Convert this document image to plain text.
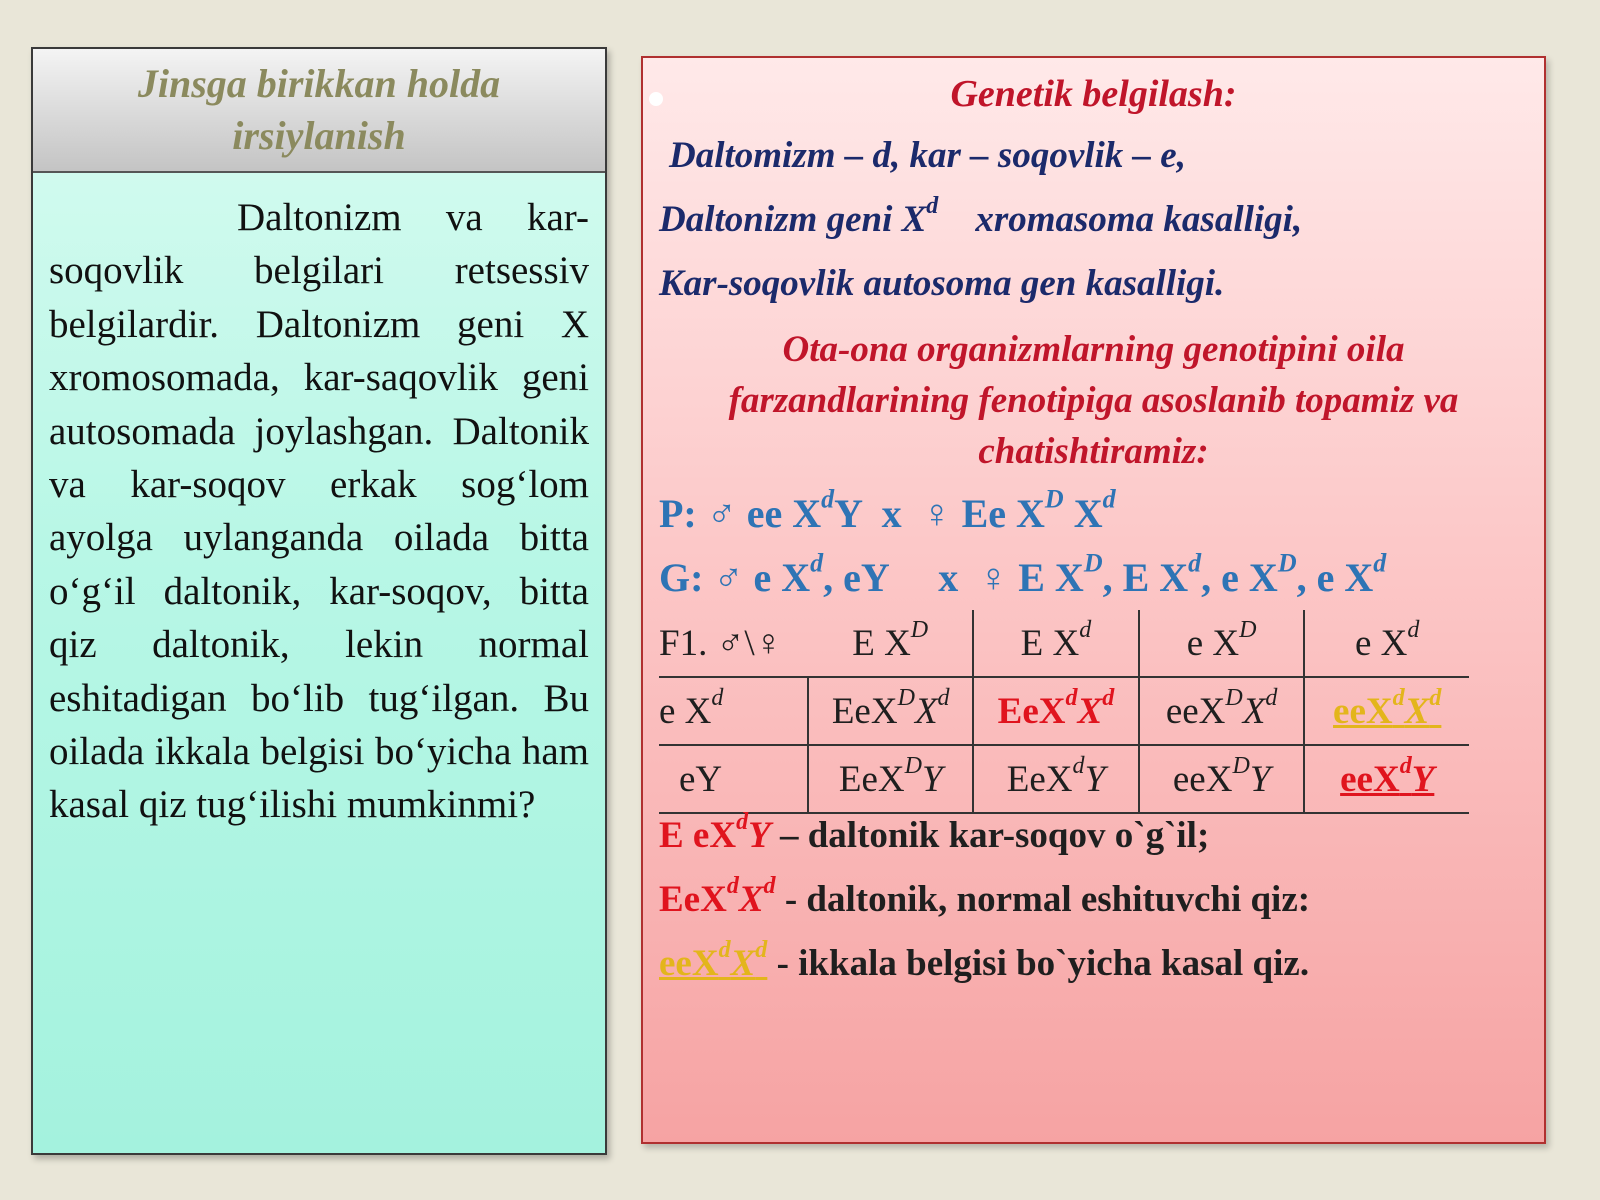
Jinsga birikkan holda irsiylanish
Daltonizm va kar-soqovlik belgilari retsessiv belgilardir. Daltonizm geni X xromosomada, kar-saqovlik geni autosomada joylashgan. Daltonik va kar-soqov erkak sog‘lom ayolga uylanganda oilada bitta o‘g‘il daltonik, kar-soqov, bitta qiz daltonik, lekin normal eshitadigan bo‘lib tug‘ilgan. Bu oilada ikkala belgisi bo‘yicha ham kasal qiz tug‘ilishi mumkinmi?
Genetik belgilash:
Daltomizm – d, kar – soqovlik – e,
Daltonizm geni $X^d$    xromasoma kasalligi,
Kar-soqovlik autosoma gen kasalligi.
Ota-ona organizmlarning genotipini oila farzandlarining fenotipiga asoslanib topamiz va chatishtiramiz:
P: ♂ ee $X^dY$  x  ♀ Ee $X^D$ $X^d$
G: ♂ e $X^d$, eY     x  ♀ E $X^D$, E $X^d$, e $X^D$, e $X^d$
F1. ♂\♀	E $X^D$	E $X^d$	e $X^D$	e $X^d$
e $X^d$	$EeX^DX^d$	$EeX^dX^d$	$eeX^DX^d$	$eeX^dX^d$
eY	EeX$^D$Y	EeX$^d$Y	eeX$^D$Y	eeX$^d$Y
E $eX^dY$ – daltonik kar-soqov o`g`il;
$EeX^dX^d$ - daltonik, normal eshituvchi qiz:
$eeX^dX^d$ - ikkala belgisi bo`yicha kasal qiz.
